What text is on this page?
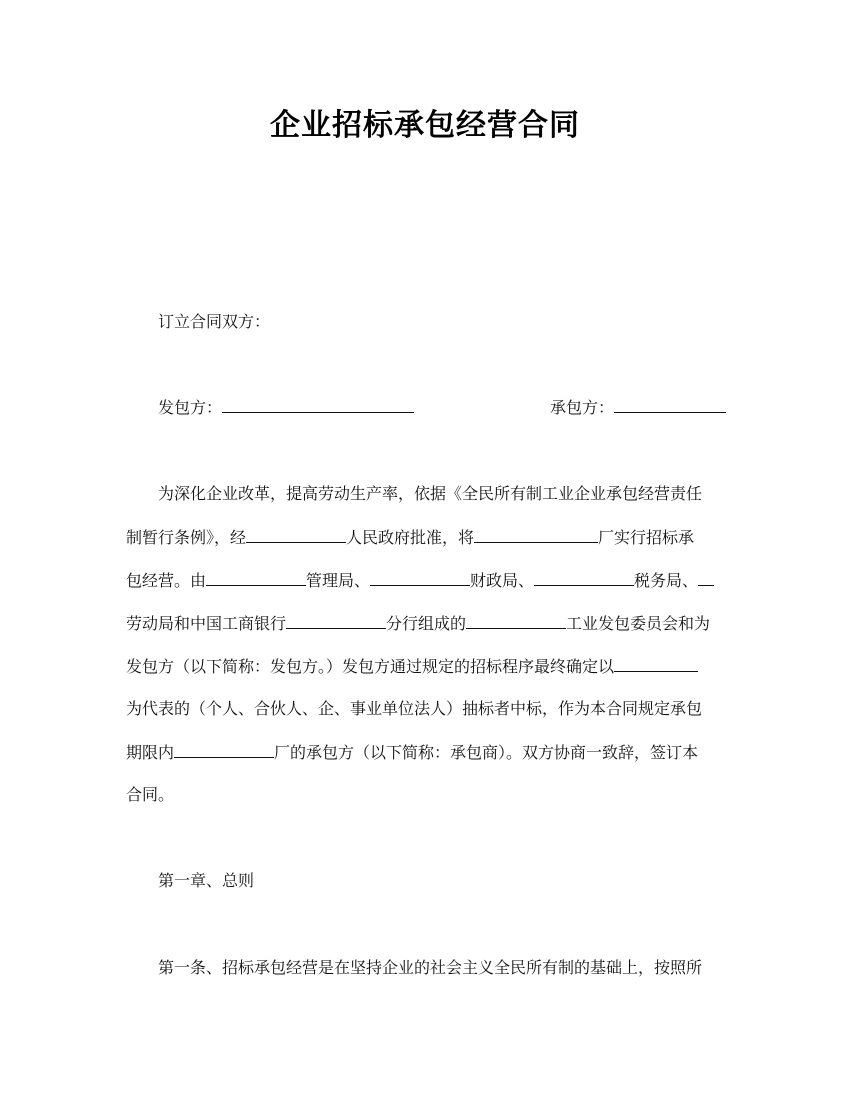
企业招标承包经营合同
订立合同双方：
发包方：	承包方：
为深化企业改革，提高劳动生产率，依据《全民所有制工业企业承包经营责任
制暂行条例》，经	人民政府批准，将	厂实行招标承
包经营。由	管理局、	财政局、	税务局、
劳动局和中国工商银行	分行组成的	工业发包委员会和为
发包方（以下简称：发包方。）发包方通过规定的招标程序最终确定以
为代表的（个人、合伙人、企、事业单位法人）抽标者中标，作为本合同规定承包
期限内	厂的承包方（以下简称：承包商）。双方协商一致辞，签订本
合同。
第一章、总则
第一条、招标承包经营是在坚持企业的社会主义全民所有制的基础上，按照所
